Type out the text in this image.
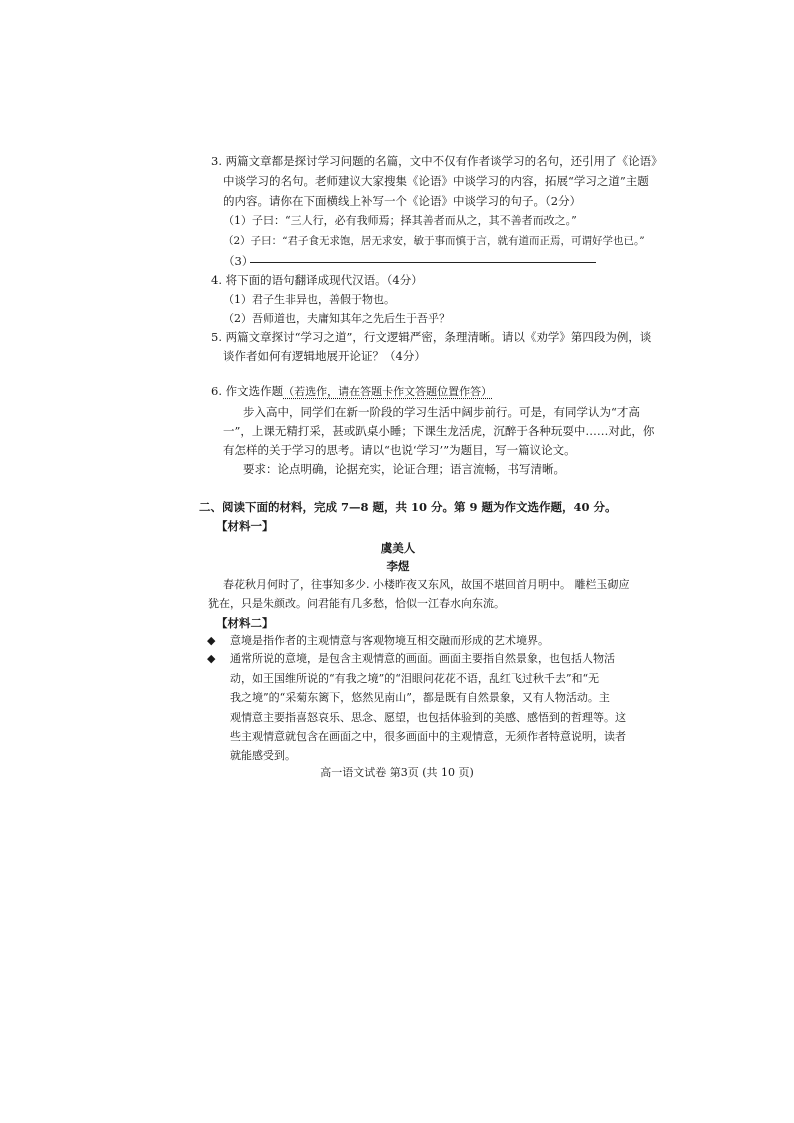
3. 两篇文章都是探讨学习问题的名篇，文中不仅有作者谈学习的名句，还引用了《论语》
中谈学习的名句。老师建议大家搜集《论语》中谈学习的内容，拓展“学习之道”主题
的内容。请你在下面横线上补写一个《论语》中谈学习的句子。（2分）
（1）子曰：“三人行，必有我师焉；择其善者而从之，其不善者而改之。”
（2）子曰：“君子食无求饱，居无求安，敏于事而慎于言，就有道而正焉，可谓好学也已。”
（3）
4. 将下面的语句翻译成现代汉语。（4分）
（1）君子生非异也，善假于物也。
（2）吾师道也，夫庸知其年之先后生于吾乎？
5. 两篇文章探讨“学习之道”，行文逻辑严密，条理清晰。请以《劝学》第四段为例，谈
谈作者如何有逻辑地展开论证？（4分）
6. 作文选作题（若选作，请在答题卡作文答题位置作答）
步入高中，同学们在新一阶段的学习生活中阔步前行。可是，有同学认为“才高
一”，上课无精打采，甚或趴桌小睡；下课生龙活虎，沉醉于各种玩耍中……对此，你
有怎样的关于学习的思考。请以“也说‘学习’”为题目，写一篇议论文。
要求：论点明确，论据充实，论证合理；语言流畅，书写清晰。
二、阅读下面的材料，完成 7—8 题，共 10 分。第 9 题为作文选作题，40 分。
【材料一】
虞美人
李煜
春花秋月何时了，往事知多少. 小楼昨夜又东风，故国不堪回首月明中。 雕栏玉砌应
犹在，只是朱颜改。问君能有几多愁，恰似一江春水向东流。
【材料二】
◆ 意境是指作者的主观情意与客观物境互相交融而形成的艺术境界。
◆ 通常所说的意境，是包含主观情意的画面。画面主要指自然景象，也包括人物活
动，如王国维所说的“有我之境”的“泪眼问花花不语，乱红飞过秋千去”和“无
我之境”的“采菊东篱下，悠然见南山”，都是既有自然景象，又有人物活动。主
观情意主要指喜怒哀乐、思念、愿望，也包括体验到的美感、感悟到的哲理等。这
些主观情意就包含在画面之中，很多画面中的主观情意，无须作者特意说明，读者
就能感受到。
高一语文试卷 第3页 (共 10 页)
